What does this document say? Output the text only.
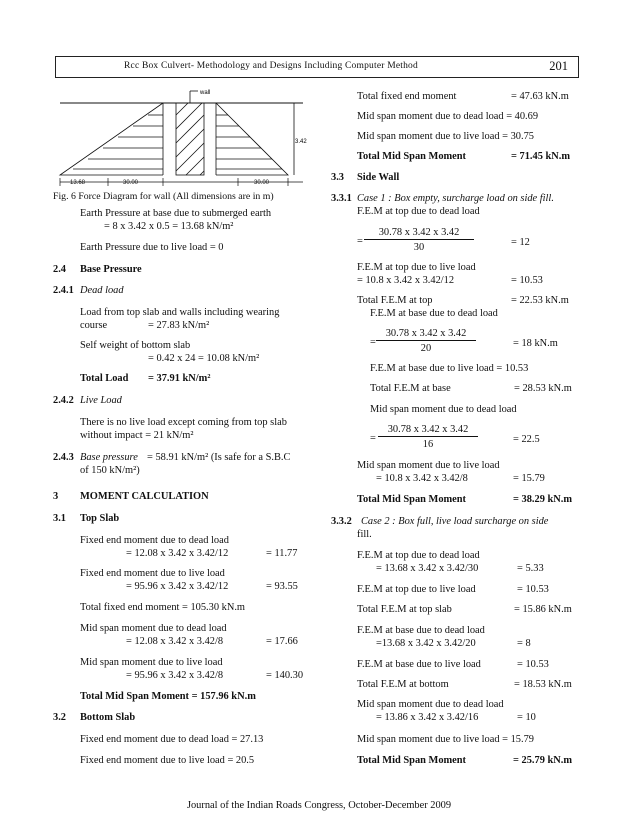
Rcc Box Culvert- Methodology and Designs Including Computer Method	201
wall
3.42
13.68	30.00	30.00
Fig. 6 Force Diagram for wall (All dimensions are in m)
Earth Pressure at base due to submerged earth
= 8 x 3.42 x 0.5 = 13.68 kN/m²
Earth Pressure due to live load = 0
2.4 Base Pressure
2.4.1 Dead load
Load from top slab and walls including wearing
course	= 27.83 kN/m²
Self weight of bottom slab
= 0.42 x 24 = 10.08 kN/m²
Total Load = 37.91 kN/m²
2.4.2 Live Load
There is no live load except coming from top slab
without impact = 21 kN/m²
2.4.3 Base pressure = 58.91 kN/m² (Is safe for a S.B.C
of 150 kN/m²)
3 MOMENT CALCULATION
3.1 Top Slab
Fixed end moment due to dead load
= 12.08 x 3.42 x 3.42/12	= 11.77
Fixed end moment due to live load
= 95.96 x 3.42 x 3.42/12	= 93.55
Total fixed end moment = 105.30 kN.m
Mid span moment due to dead load
= 12.08 x 3.42 x 3.42/8	= 17.66
Mid span moment due to live load
= 95.96 x 3.42 x 3.42/8	= 140.30
Total Mid Span Moment = 157.96 kN.m
3.2 Bottom Slab
Fixed end moment due to dead load = 27.13
Fixed end moment due to live load = 20.5
Total fixed end moment	= 47.63 kN.m
Mid span moment due to dead load = 40.69
Mid span moment due to live load = 30.75
Total Mid Span Moment	= 71.45 kN.m
3.3 Side Wall
3.3.1 Case 1 : Box empty, surcharge load on side fill.
F.E.M at top due to dead load
= $\frac{30.78 x 3.42 x 3.42}{30}$	= 12
F.E.M at top due to live load
= 10.8 x 3.42 x 3.42/12	= 10.53
Total F.E.M at top	= 22.53 kN.m
F.E.M at base due to dead load
= $\frac{30.78 x 3.42 x 3.42}{20}$	= 18 kN.m
F.E.M at base due to live load = 10.53
Total F.E.M at base	= 28.53 kN.m
Mid span moment due to dead load
= $\frac{30.78 x 3.42 x 3.42}{16}$	= 22.5
Mid span moment due to live load
= 10.8 x 3.42 x 3.42/8	= 15.79
Total Mid Span Moment	= 38.29 kN.m
3.3.2 Case 2 : Box full, live load surcharge on side
fill.
F.E.M at top due to dead load
= 13.68 x 3.42 x 3.42/30	= 5.33
F.E.M at top due to live load	= 10.53
Total F.E.M at top slab	= 15.86 kN.m
F.E.M at base due to dead load
=13.68 x 3.42 x 3.42/20	= 8
F.E.M at base due to live load	= 10.53
Total F.E.M at bottom	= 18.53 kN.m
Mid span moment due to dead load
= 13.86 x 3.42 x 3.42/16	= 10
Mid span moment due to live load = 15.79
Total Mid Span Moment	= 25.79 kN.m
Journal of the Indian Roads Congress, October-December 2009
